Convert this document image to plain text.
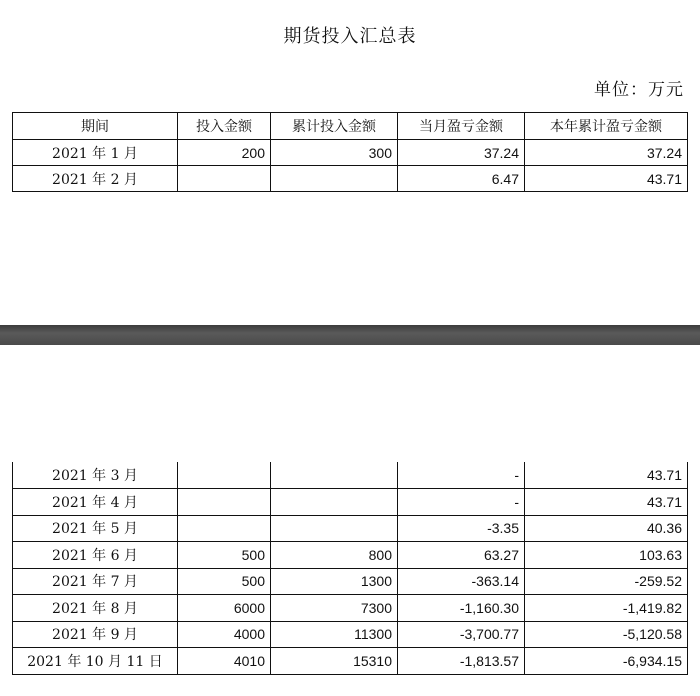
期货投入汇总表
单位：万元
期间	投入金额	累计投入金额	当月盈亏金额	本年累计盈亏金额
2021 年 1 月	200	300	37.24	37.24
2021 年 2 月			6.47	43.71
2021 年 3 月			-	43.71
2021 年 4 月			-	43.71
2021 年 5 月			-3.35	40.36
2021 年 6 月	500	800	63.27	103.63
2021 年 7 月	500	1300	-363.14	-259.52
2021 年 8 月	6000	7300	-1,160.30	-1,419.82
2021 年 9 月	4000	11300	-3,700.77	-5,120.58
2021 年 10 月 11 日	4010	15310	-1,813.57	-6,934.15
